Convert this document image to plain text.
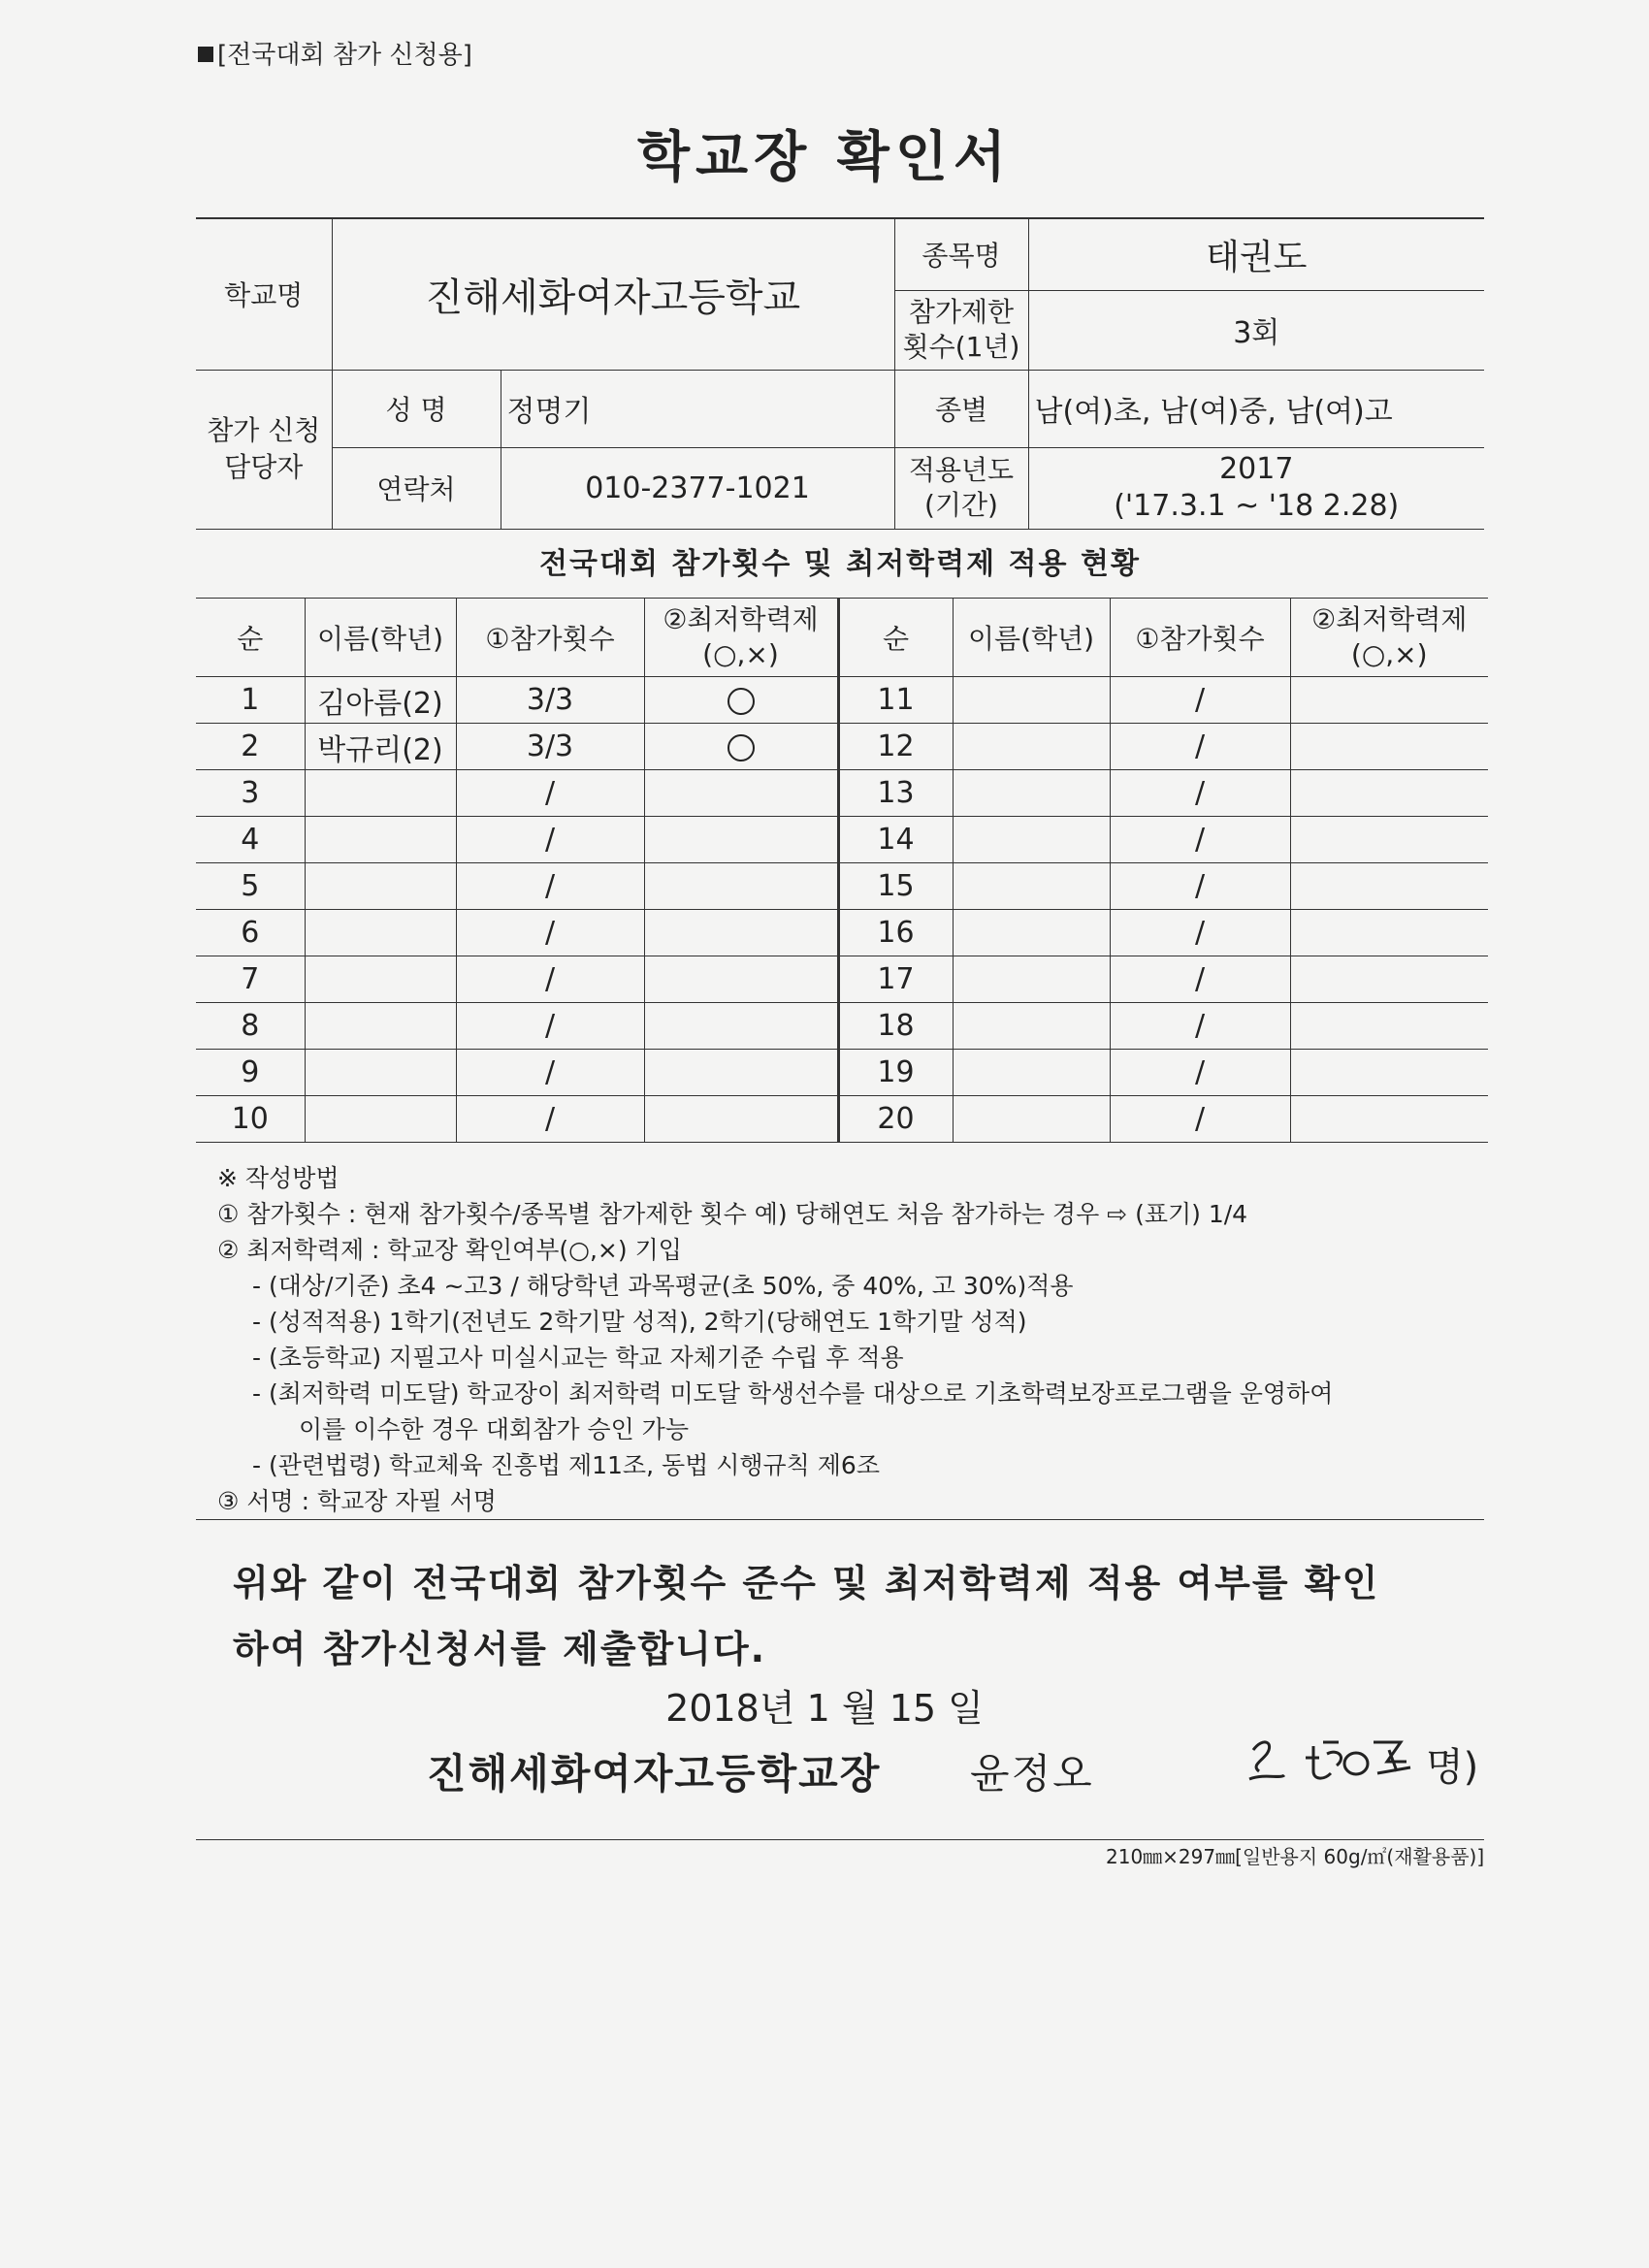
[전국대회 참가 신청용]
학교장 확인서
학교명	진해세화여자고등학교		종목명	태권도
			참가제한 횟수(1년)	3회
참가 신청 담당자	성 명	정명기	종별	남(여)초, 남(여)중, 남(여)고
	연락처	010-2377-1021	적용년도 (기간)	2017
('17.3.1 ~ '18 2.28)
전국대회 참가횟수 및 최저학력제 적용 현황
순	이름(학년)	①참가횟수	②최저학력제 (○,×)	순	이름(학년)	①참가횟수	②최저학력제 (○,×)
1	김아름(2)	3/3		11		/	
2	박규리(2)	3/3		12		/	
3		/		13		/	
4		/		14		/	
5		/		15		/	
6		/		16		/	
7		/		17		/	
8		/		18		/	
9		/		19		/	
10		/		20		/	
※ 작성방법
① 참가횟수 : 현재 참가횟수/종목별 참가제한 횟수 예) 당해연도 처음 참가하는 경우 ⇨ (표기) 1/4
② 최저학력제 : 학교장 확인여부(○,×) 기입
- (대상/기준) 초4 ~고3 / 해당학년 과목평균(초 50%, 중 40%, 고 30%)적용
- (성적적용) 1학기(전년도 2학기말 성적), 2학기(당해연도 1학기말 성적)
- (초등학교) 지필고사 미실시교는 학교 자체기준 수립 후 적용
- (최저학력 미도달) 학교장이 최저학력 미도달 학생선수를 대상으로 기초학력보장프로그램을 운영하여
이를 이수한 경우 대회참가 승인 가능
- (관련법령) 학교체육 진흥법 제11조, 동법 시행규칙 제6조
③ 서명 : 학교장 자필 서명
위와 같이 전국대회 참가횟수 준수 및 최저학력제 적용 여부를 확인
하여 참가신청서를 제출합니다.
2018년 1 월 15 일
진해세화여자고등학교장 윤정오	명)
210㎜×297㎜[일반용지 60g/㎡(재활용품)]
